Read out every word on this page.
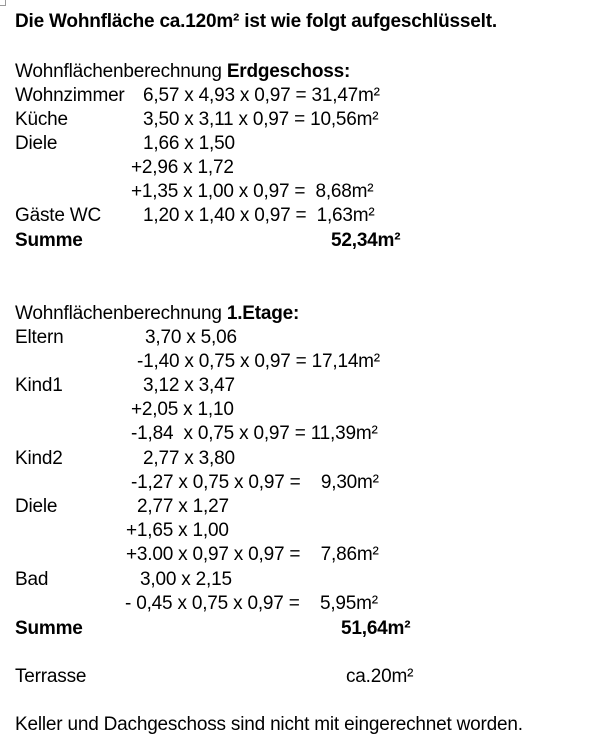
Die Wohnfläche ca.120m² ist wie folgt aufgeschlüsselt.
Wohnflächenberechnung Erdgeschoss:
Wohnzimmer 6,57 x 4,93 x 0,97 = 31,47m²
Küche	3,50 x 3,11 x 0,97 = 10,56m²
Diele	1,66 x 1,50
+2,96 x 1,72
+1,35 x 1,00 x 0,97 =  8,68m²
Gäste WC 1,20 x 1,40 x 0,97 =  1,63m²
Summe	52,34m²
Wohnflächenberechnung 1.Etage:
Eltern	3,70 x 5,06
-1,40 x 0,75 x 0,97 = 17,14m²
Kind1	3,12 x 3,47
+2,05 x 1,10
-1,84  x 0,75 x 0,97 = 11,39m²
Kind2	2,77 x 3,80
-1,27 x 0,75 x 0,97 =    9,30m²
Diele	2,77 x 1,27
+1,65 x 1,00
+3.00 x 0,97 x 0,97 =    7,86m²
Bad	3,00 x 2,15
- 0,45 x 0,75 x 0,97 =    5,95m²
Summe	51,64m²
Terrasse	ca.20m²
Keller und Dachgeschoss sind nicht mit eingerechnet worden.
